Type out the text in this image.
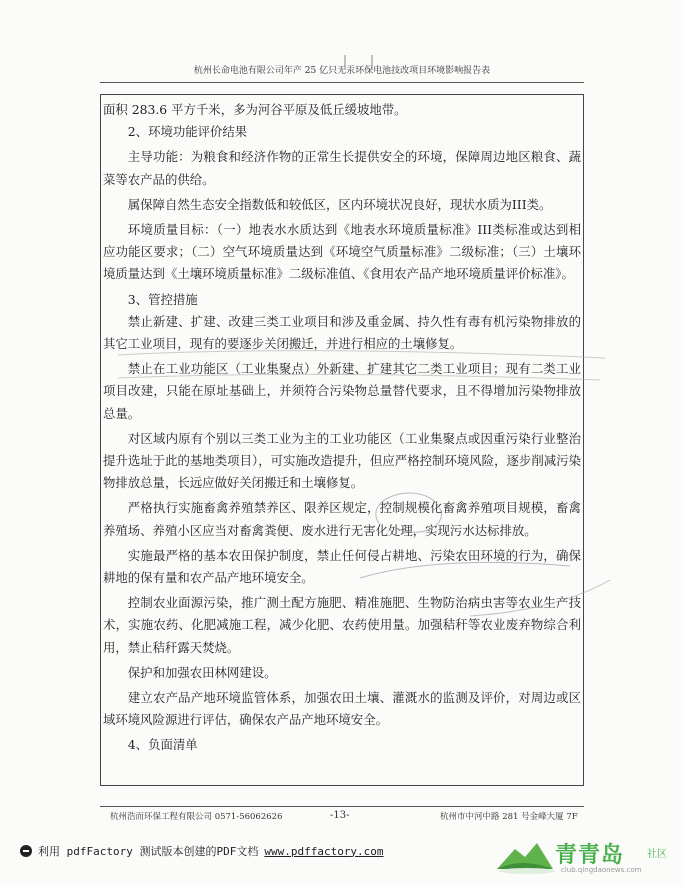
杭州长命电池有限公司年产 25 亿只无汞环保电池技改项目环境影响报告表

面积 283.6 平方千米，多为河谷平原及低丘缓坡地带。

2、环境功能评价结果

主导功能：为粮食和经济作物的正常生长提供安全的环境，保障周边地区粮食、蔬菜等农产品的供给。

属保障自然生态安全指数低和较低区，区内环境状况良好，现状水质为III类。

环境质量目标：（一）地表水水质达到《地表水环境质量标准》III类标准或达到相应功能区要求；（二）空气环境质量达到《环境空气质量标准》二级标准；（三）土壤环境质量达到《土壤环境质量标准》二级标准值、《食用农产品产地环境质量评价标准》。

3、管控措施

禁止新建、扩建、改建三类工业项目和涉及重金属、持久性有毒有机污染物排放的其它工业项目，现有的要逐步关闭搬迁，并进行相应的土壤修复。

禁止在工业功能区（工业集聚点）外新建、扩建其它二类工业项目；现有二类工业项目改建，只能在原址基础上，并须符合污染物总量替代要求，且不得增加污染物排放总量。

对区域内原有个别以三类工业为主的工业功能区（工业集聚点或因重污染行业整治提升选址于此的基地类项目），可实施改造提升，但应严格控制环境风险，逐步削减污染物排放总量，长远应做好关闭搬迁和土壤修复。

严格执行实施畜禽养殖禁养区、限养区规定，控制规模化畜禽养殖项目规模，畜禽养殖场、养殖小区应当对畜禽粪便、废水进行无害化处理，实现污水达标排放。

实施最严格的基本农田保护制度，禁止任何侵占耕地、污染农田环境的行为，确保耕地的保有量和农产品产地环境安全。

控制农业面源污染，推广测土配方施肥、精准施肥、生物防治病虫害等农业生产技术，实施农药、化肥减施工程，减少化肥、农药使用量。加强秸秆等农业废弃物综合利用，禁止秸秆露天焚烧。

保护和加强农田林网建设。

建立农产品产地环境监管体系，加强农田土壤、灌溉水的监测及评价，对周边或区域环境风险源进行评估，确保农产品产地环境安全。

4、负面清单

杭州浩而环保工程有限公司 0571-56062626	-13-	杭州市中河中路 281 号金峰大厦 7F
利用 pdfFactory 测试版本创建的PDF文档 www.pdffactory.com	青青岛 社区
club.qingdaonews.com
